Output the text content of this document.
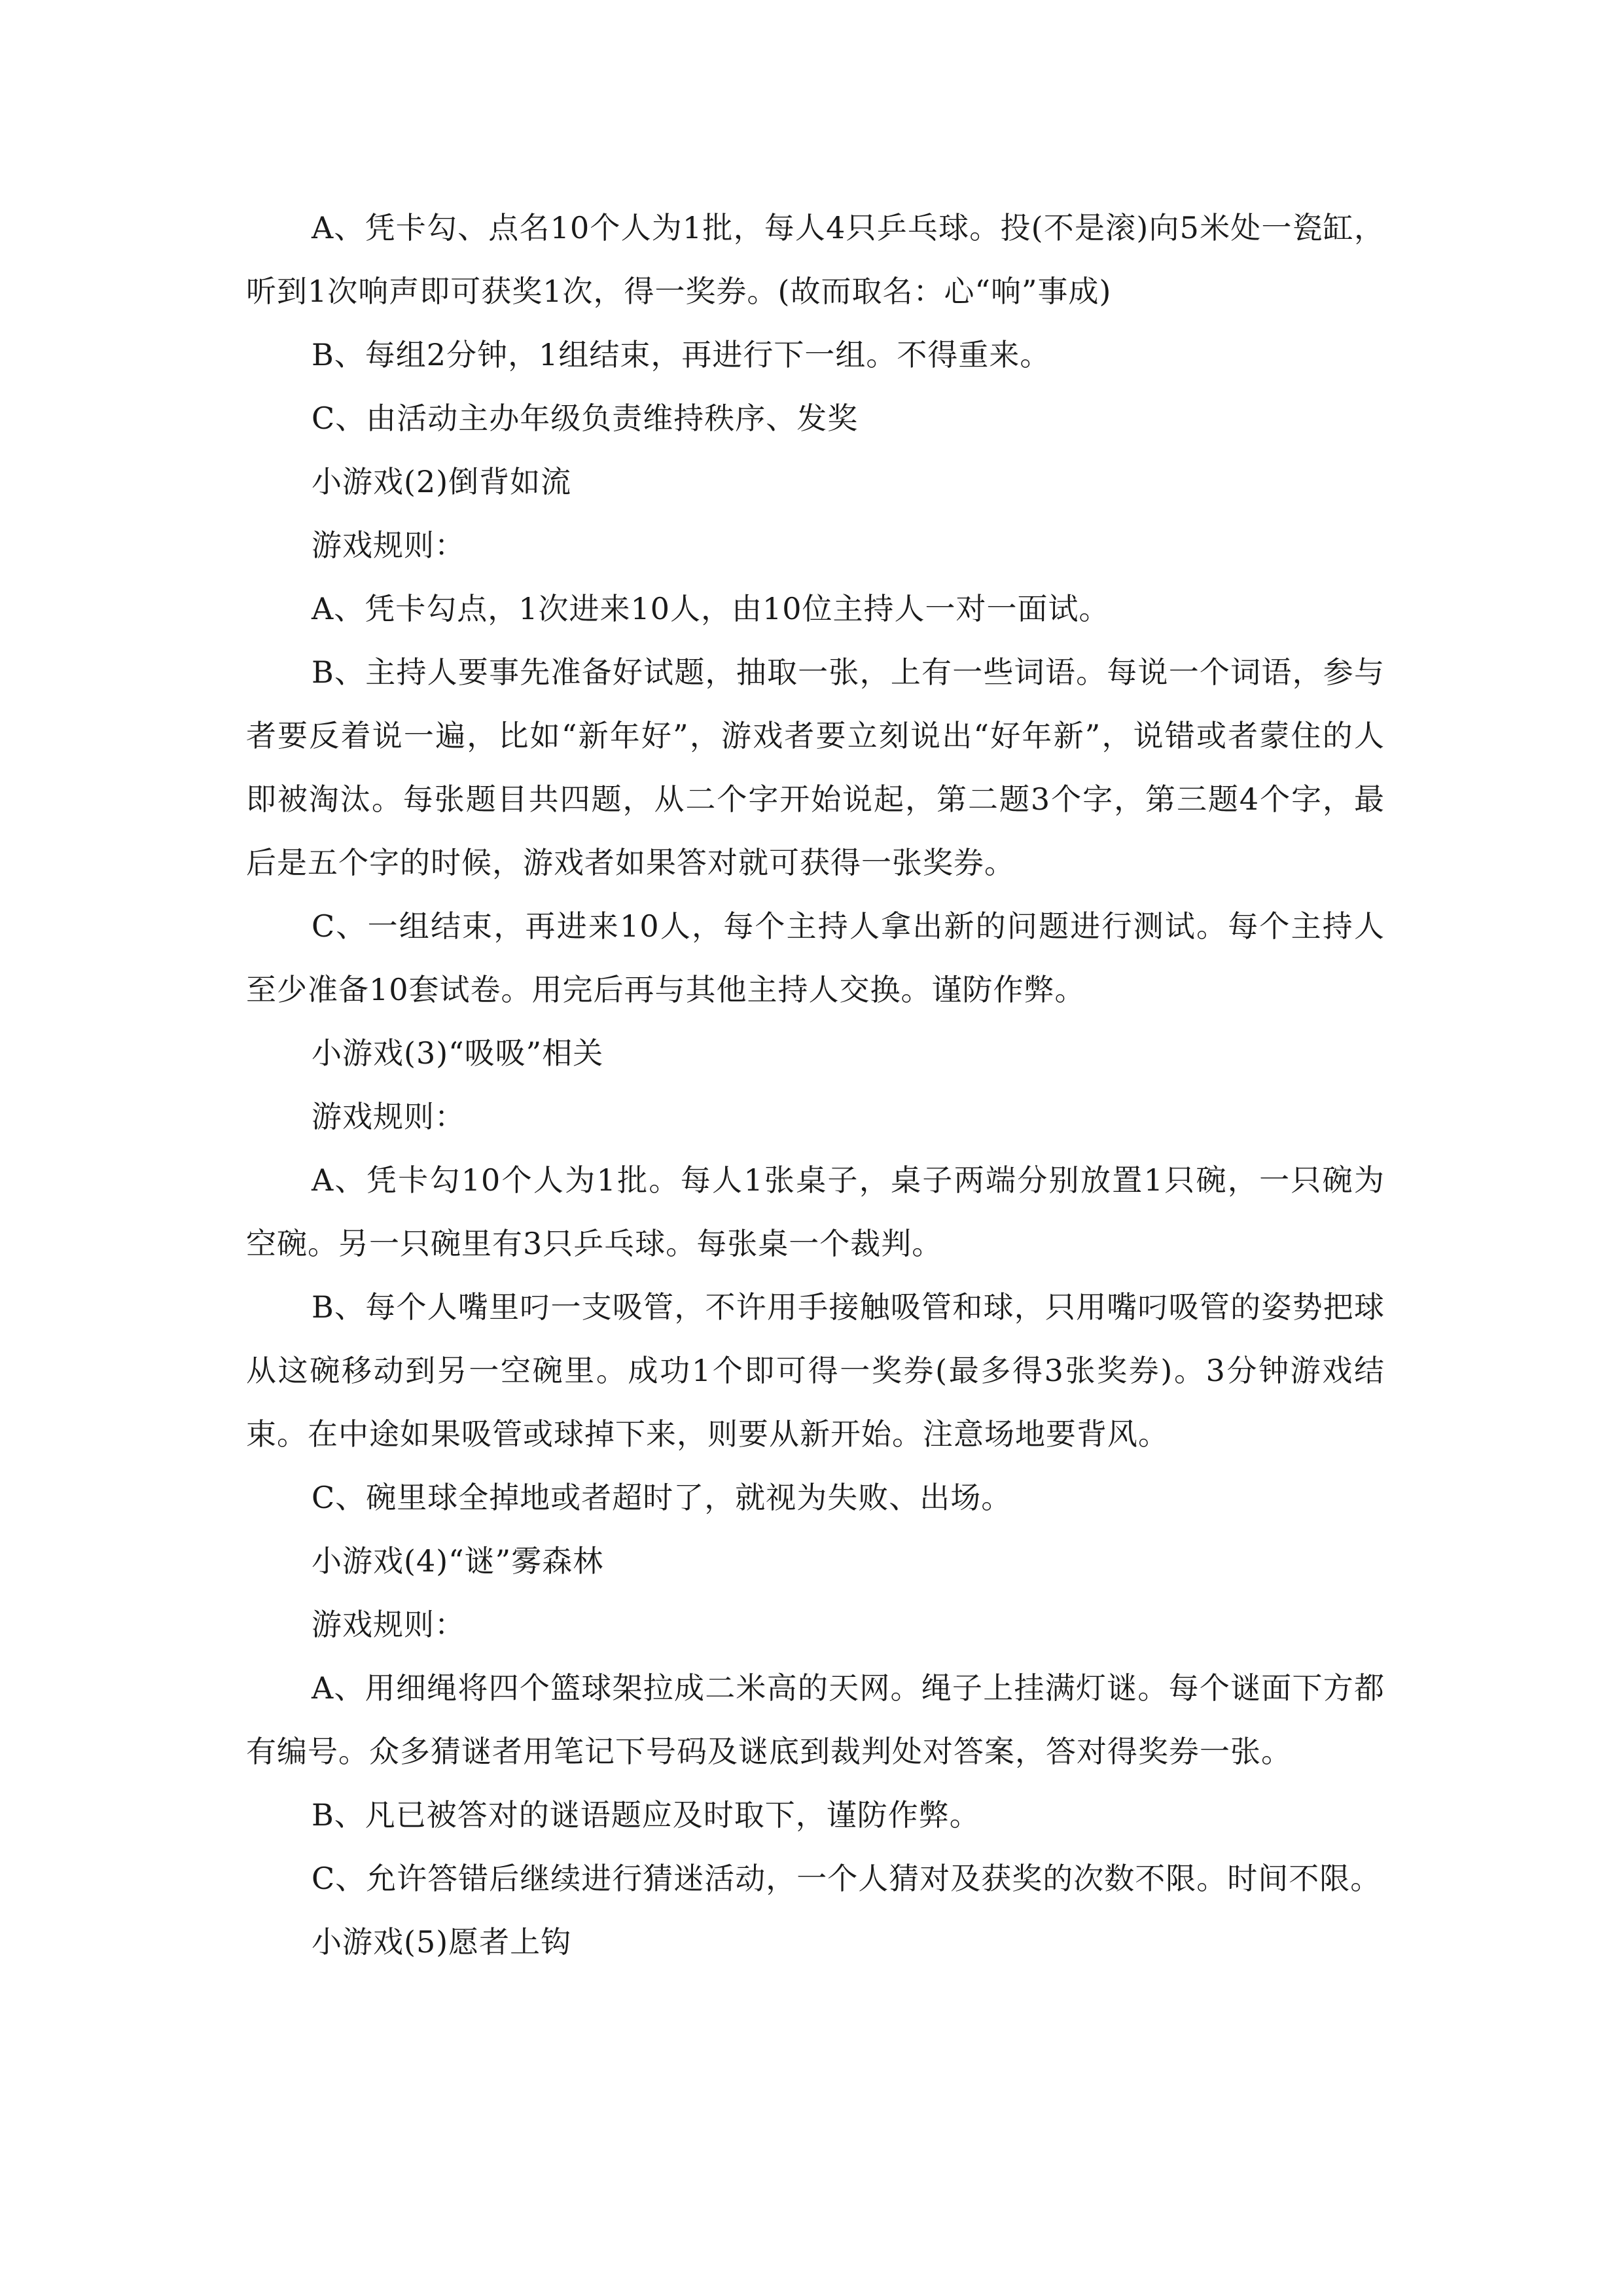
A、凭卡勾、点名10个人为1批，每人4只乒乓球。投(不是滚)向5米处一瓷缸，听到1次响声即可获奖1次，得一奖券。(故而取名：心“响”事成)

B、每组2分钟，1组结束，再进行下一组。不得重来。

C、由活动主办年级负责维持秩序、发奖

小游戏(2)倒背如流

游戏规则：

A、凭卡勾点，1次进来10人，由10位主持人一对一面试。

B、主持人要事先准备好试题，抽取一张，上有一些词语。每说一个词语，参与者要反着说一遍，比如“新年好”，游戏者要立刻说出“好年新”，说错或者蒙住的人即被淘汰。每张题目共四题，从二个字开始说起，第二题3个字，第三题4个字，最后是五个字的时候，游戏者如果答对就可获得一张奖券。

C、一组结束，再进来10人，每个主持人拿出新的问题进行测试。每个主持人至少准备10套试卷。用完后再与其他主持人交换。谨防作弊。

小游戏(3)“吸吸”相关

游戏规则：

A、凭卡勾10个人为1批。每人1张桌子，桌子两端分别放置1只碗，一只碗为空碗。另一只碗里有3只乒乓球。每张桌一个裁判。

B、每个人嘴里叼一支吸管，不许用手接触吸管和球，只用嘴叼吸管的姿势把球从这碗移动到另一空碗里。成功1个即可得一奖券(最多得3张奖券)。3分钟游戏结束。在中途如果吸管或球掉下来，则要从新开始。注意场地要背风。

C、碗里球全掉地或者超时了，就视为失败、出场。

小游戏(4)“谜”雾森林

游戏规则：

A、用细绳将四个篮球架拉成二米高的天网。绳子上挂满灯谜。每个谜面下方都有编号。众多猜谜者用笔记下号码及谜底到裁判处对答案，答对得奖券一张。

B、凡已被答对的谜语题应及时取下，谨防作弊。

C、允许答错后继续进行猜迷活动，一个人猜对及获奖的次数不限。时间不限。

小游戏(5)愿者上钩
